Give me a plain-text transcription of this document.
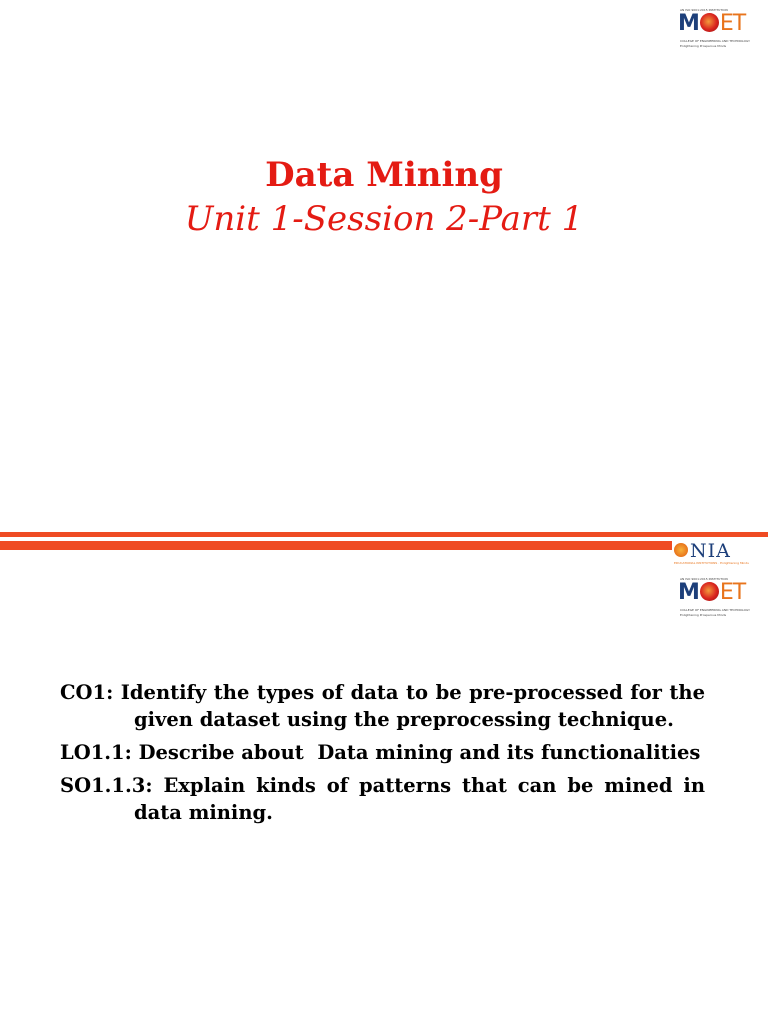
AN ISO 9001:2015 INSTITUTION
M ET
COLLEGE OF ENGINEERING AND TECHNOLOGY
Enlightening Prosperous Minds
Data Mining
Unit 1-Session 2-Part 1
NIA
EDUCATIONAL INSTITUTIONS · Enlightening Minds
AN ISO 9001:2015 INSTITUTION
M ET
COLLEGE OF ENGINEERING AND TECHNOLOGY
Enlightening Prosperous Minds
CO1: Identify the types of data to be pre-processed for the given dataset using the preprocessing technique.
LO1.1: Describe about  Data mining and its functionalities
SO1.1.3: Explain kinds of patterns that can be mined in data mining.
